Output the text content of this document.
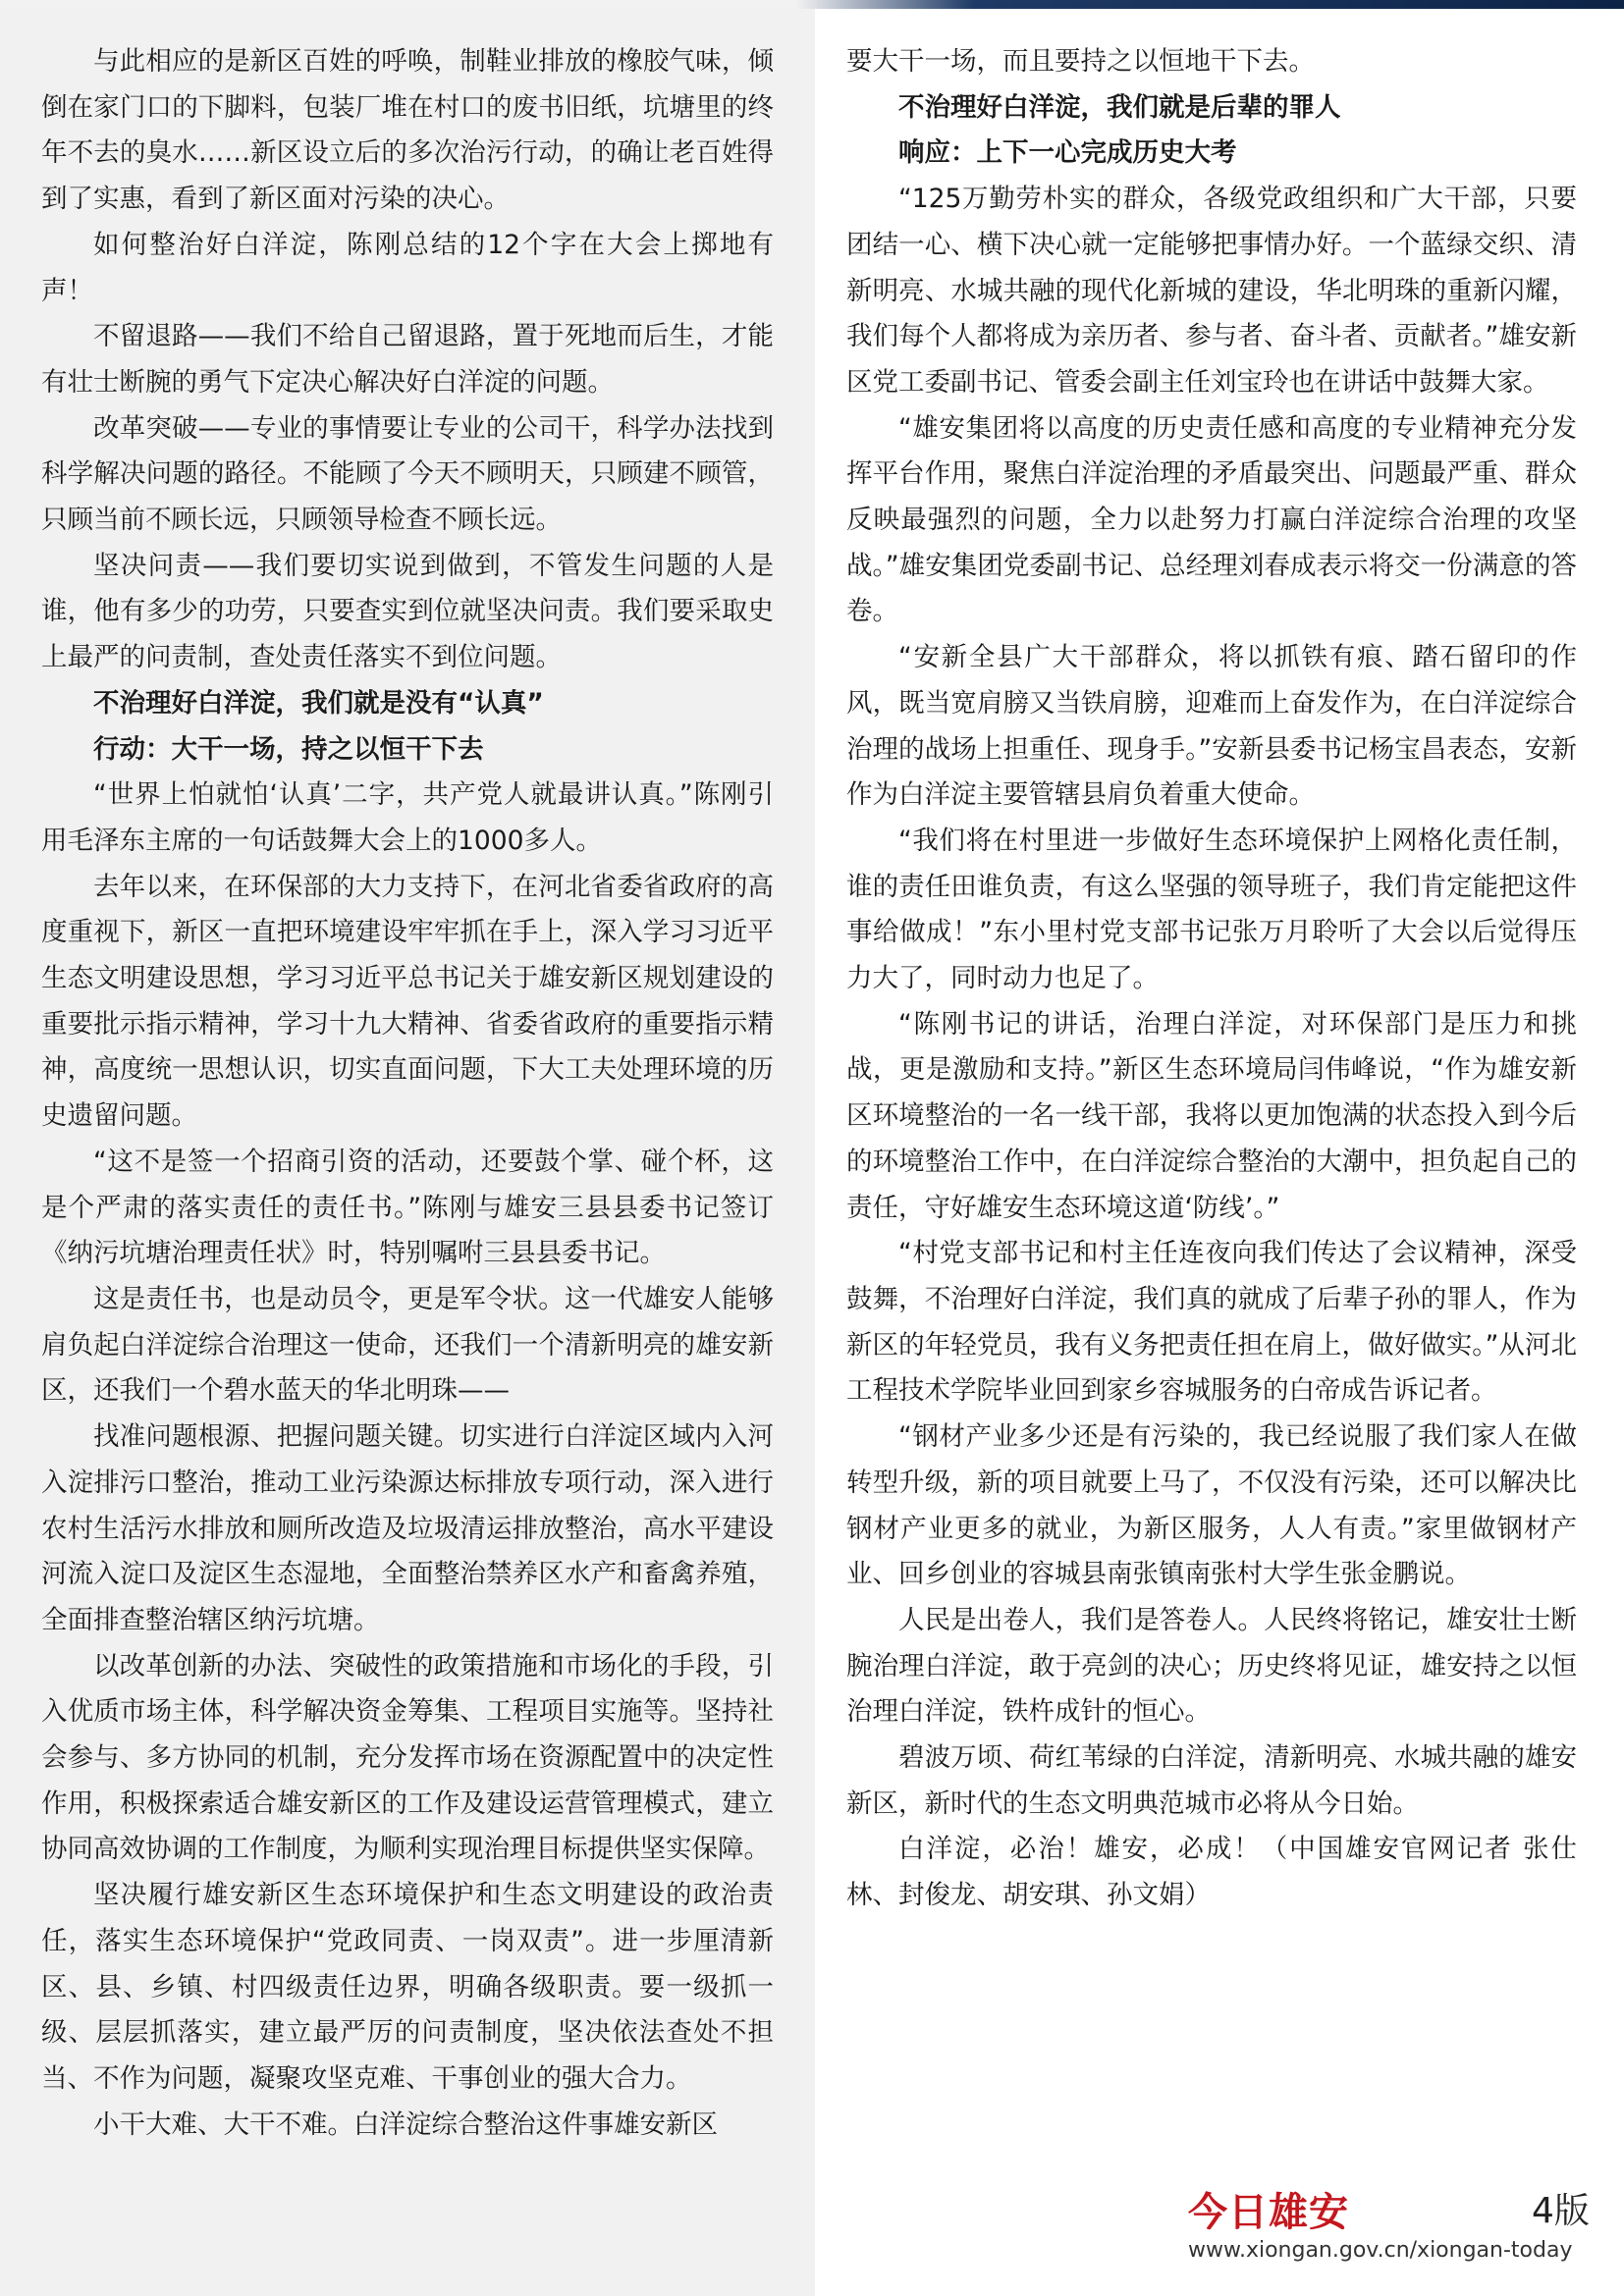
与此相应的是新区百姓的呼唤，制鞋业排放的橡胶气味，倾倒在家门口的下脚料，包装厂堆在村口的废书旧纸，坑塘里的终年不去的臭水……新区设立后的多次治污行动，的确让老百姓得到了实惠，看到了新区面对污染的决心。

如何整治好白洋淀，陈刚总结的12个字在大会上掷地有声！

不留退路——我们不给自己留退路，置于死地而后生，才能有壮士断腕的勇气下定决心解决好白洋淀的问题。

改革突破——专业的事情要让专业的公司干，科学办法找到科学解决问题的路径。不能顾了今天不顾明天，只顾建不顾管，只顾当前不顾长远，只顾领导检查不顾长远。

坚决问责——我们要切实说到做到，不管发生问题的人是谁，他有多少的功劳，只要查实到位就坚决问责。我们要采取史上最严的问责制，查处责任落实不到位问题。

不治理好白洋淀，我们就是没有“认真”

行动：大干一场，持之以恒干下去

“世界上怕就怕‘认真’二字，共产党人就最讲认真。”陈刚引用毛泽东主席的一句话鼓舞大会上的1000多人。

去年以来，在环保部的大力支持下，在河北省委省政府的高度重视下，新区一直把环境建设牢牢抓在手上，深入学习习近平生态文明建设思想，学习习近平总书记关于雄安新区规划建设的重要批示指示精神，学习十九大精神、省委省政府的重要指示精神，高度统一思想认识，切实直面问题，下大工夫处理环境的历史遗留问题。

“这不是签一个招商引资的活动，还要鼓个掌、碰个杯，这是个严肃的落实责任的责任书。”陈刚与雄安三县县委书记签订《纳污坑塘治理责任状》时，特别嘱咐三县县委书记。

这是责任书，也是动员令，更是军令状。这一代雄安人能够肩负起白洋淀综合治理这一使命，还我们一个清新明亮的雄安新区，还我们一个碧水蓝天的华北明珠——

找准问题根源、把握问题关键。切实进行白洋淀区域内入河入淀排污口整治，推动工业污染源达标排放专项行动，深入进行农村生活污水排放和厕所改造及垃圾清运排放整治，高水平建设河流入淀口及淀区生态湿地，全面整治禁养区水产和畜禽养殖，全面排查整治辖区纳污坑塘。

以改革创新的办法、突破性的政策措施和市场化的手段，引入优质市场主体，科学解决资金筹集、工程项目实施等。坚持社会参与、多方协同的机制，充分发挥市场在资源配置中的决定性作用，积极探索适合雄安新区的工作及建设运营管理模式，建立协同高效协调的工作制度，为顺利实现治理目标提供坚实保障。

坚决履行雄安新区生态环境保护和生态文明建设的政治责任，落实生态环境保护“党政同责、一岗双责”。进一步厘清新区、县、乡镇、村四级责任边界，明确各级职责。要一级抓一级、层层抓落实，建立最严厉的问责制度，坚决依法查处不担当、不作为问题，凝聚攻坚克难、干事创业的强大合力。

小干大难、大干不难。白洋淀综合整治这件事雄安新区

要大干一场，而且要持之以恒地干下去。

不治理好白洋淀，我们就是后辈的罪人

响应：上下一心完成历史大考

“125万勤劳朴实的群众，各级党政组织和广大干部，只要团结一心、横下决心就一定能够把事情办好。一个蓝绿交织、清新明亮、水城共融的现代化新城的建设，华北明珠的重新闪耀，我们每个人都将成为亲历者、参与者、奋斗者、贡献者。”雄安新区党工委副书记、管委会副主任刘宝玲也在讲话中鼓舞大家。

“雄安集团将以高度的历史责任感和高度的专业精神充分发挥平台作用，聚焦白洋淀治理的矛盾最突出、问题最严重、群众反映最强烈的问题，全力以赴努力打赢白洋淀综合治理的攻坚战。”雄安集团党委副书记、总经理刘春成表示将交一份满意的答卷。

“安新全县广大干部群众，将以抓铁有痕、踏石留印的作风，既当宽肩膀又当铁肩膀，迎难而上奋发作为，在白洋淀综合治理的战场上担重任、现身手。”安新县委书记杨宝昌表态，安新作为白洋淀主要管辖县肩负着重大使命。

“我们将在村里进一步做好生态环境保护上网格化责任制，谁的责任田谁负责，有这么坚强的领导班子，我们肯定能把这件事给做成！”东小里村党支部书记张万月聆听了大会以后觉得压力大了，同时动力也足了。

“陈刚书记的讲话，治理白洋淀，对环保部门是压力和挑战，更是激励和支持。”新区生态环境局闫伟峰说，“作为雄安新区环境整治的一名一线干部，我将以更加饱满的状态投入到今后的环境整治工作中，在白洋淀综合整治的大潮中，担负起自己的责任，守好雄安生态环境这道‘防线’。”

“村党支部书记和村主任连夜向我们传达了会议精神，深受鼓舞，不治理好白洋淀，我们真的就成了后辈子孙的罪人，作为新区的年轻党员，我有义务把责任担在肩上，做好做实。”从河北工程技术学院毕业回到家乡容城服务的白帝成告诉记者。

“钢材产业多少还是有污染的，我已经说服了我们家人在做转型升级，新的项目就要上马了，不仅没有污染，还可以解决比钢材产业更多的就业，为新区服务，人人有责。”家里做钢材产业、回乡创业的容城县南张镇南张村大学生张金鹏说。

人民是出卷人，我们是答卷人。人民终将铭记，雄安壮士断腕治理白洋淀，敢于亮剑的决心；历史终将见证，雄安持之以恒治理白洋淀，铁杵成针的恒心。

碧波万顷、荷红苇绿的白洋淀，清新明亮、水城共融的雄安新区，新时代的生态文明典范城市必将从今日始。

白洋淀，必治！雄安，必成！（中国雄安官网记者 张仕林、封俊龙、胡安琪、孙文娟）

今日雄安	4版
www.xiongan.gov.cn/xiongan-today
